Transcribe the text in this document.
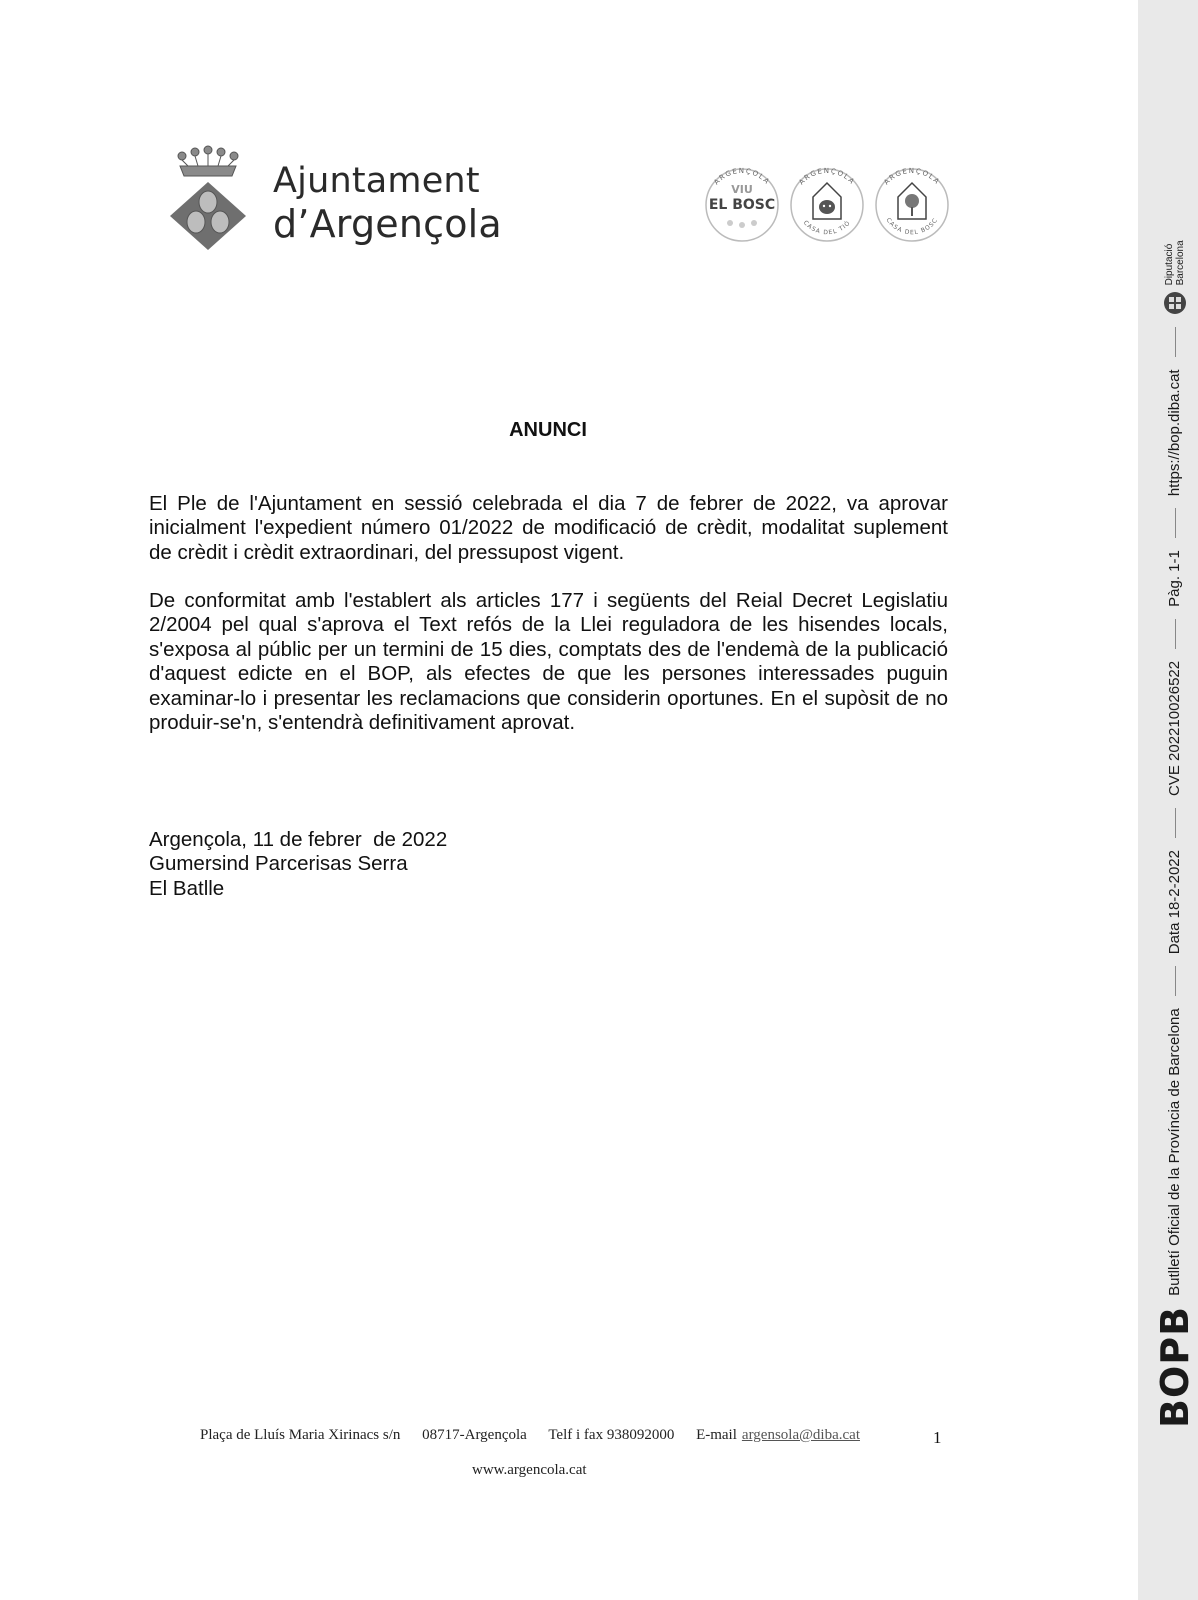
Ajuntament
d’Argençola
ARGENÇOLA
VIU
EL BOSC
ARGENÇOLA
CASA DEL TIÓ
ARGENÇOLA
CASA DEL BOSC
ANUNCI

El Ple de l'Ajuntament en sessió celebrada el dia 7 de febrer de 2022, va aprovar inicialment l'expedient número 01/2022 de modificació de crèdit, modalitat suplement de crèdit i crèdit extraordinari, del pressupost vigent.

De conformitat amb l'establert als articles 177 i següents del Reial Decret Legislatiu 2/2004 pel qual s'aprova el Text refós de la Llei reguladora de les hisendes locals, s'exposa al públic per un termini de 15 dies, comptats des de l'endemà de la publicació d'aquest edicte en el BOP, als efectes de que les persones interessades puguin examinar-lo i presentar les reclamacions que considerin oportunes. En el supòsit de no produir-se'n, s'entendrà definitivament aprovat.

Argençola, 11 de febrer  de 2022
Gumersind Parcerisas Serra
El Batlle
Plaça de Lluís Maria Xirinacs s/n 08717-Argençola Telf i fax 938092000 E-mail argensola@diba.cat	1
www.argencola.cat
BOPB
Butlletí Oficial de la Província de Barcelona
Data 18-2-2022
CVE 202210026522
Pàg. 1-1
https://bop.diba.cat
Diputació
Barcelona
